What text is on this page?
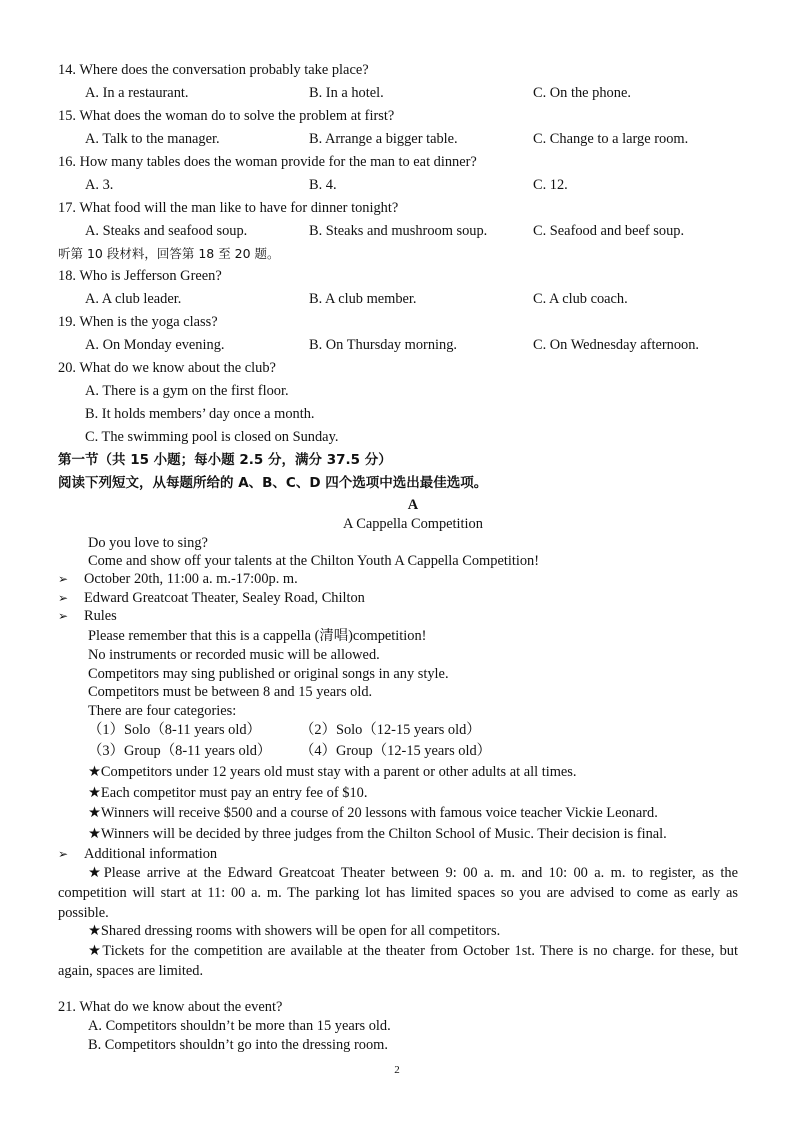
14. Where does the conversation probably take place?
A. In a restaurant.	B. In a hotel.	C. On the phone.
15. What does the woman do to solve the problem at first?
A. Talk to the manager.	B. Arrange a bigger table.	C. Change to a large room.
16. How many tables does the woman provide for the man to eat dinner?
A. 3.	B. 4.	C. 12.
17. What food will the man like to have for dinner tonight?
A. Steaks and seafood soup.	B. Steaks and mushroom soup.	C. Seafood and beef soup.
听第 10 段材料，回答第 18 至 20 题。
18. Who is Jefferson Green?
A. A club leader.	B. A club member.	C. A club coach.
19. When is the yoga class?
A. On Monday evening.	B. On Thursday morning.	C. On Wednesday afternoon.
20. What do we know about the club?
A. There is a gym on the first floor.
B. It holds members’ day once a month.
C. The swimming pool is closed on Sunday.
第一节（共 15 小题；每小题 2.5 分，满分 37.5 分）
阅读下列短文，从每题所给的 A、B、C、D 四个选项中选出最佳选项。
A
A Cappella Competition
Do you love to sing?
Come and show off your talents at the Chilton Youth A Cappella Competition!
➢ October 20th, 11:00 a. m.-17:00p. m.
➢ Edward Greatcoat Theater, Sealey Road, Chilton
➢ Rules
Please remember that this is a cappella (清唱)competition!
No instruments or recorded music will be allowed.
Competitors may sing published or original songs in any style.
Competitors must be between 8 and 15 years old.
There are four categories:
（1）Solo（8-11 years old）	（2）Solo（12-15 years old）
（3）Group（8-11 years old） （4）Group（12-15 years old）
★Competitors under 12 years old must stay with a parent or other adults at all times.
★Each competitor must pay an entry fee of $10.
★Winners will receive $500 and a course of 20 lessons with famous voice teacher Vickie Leonard.
★Winners will be decided by three judges from the Chilton School of Music. Their decision is final.
➢ Additional information
★Please arrive at the Edward Greatcoat Theater between 9: 00 a. m. and 10: 00 a. m. to register, as the competition will start at 11: 00 a. m. The parking lot has limited spaces so you are advised to come as early as possible.
★Shared dressing rooms with showers will be open for all competitors.
★Tickets for the competition are available at the theater from October 1st. There is no charge. for these, but again, spaces are limited.
21. What do we know about the event?
A. Competitors shouldn’t be more than 15 years old.
B. Competitors shouldn’t go into the dressing room.
2
